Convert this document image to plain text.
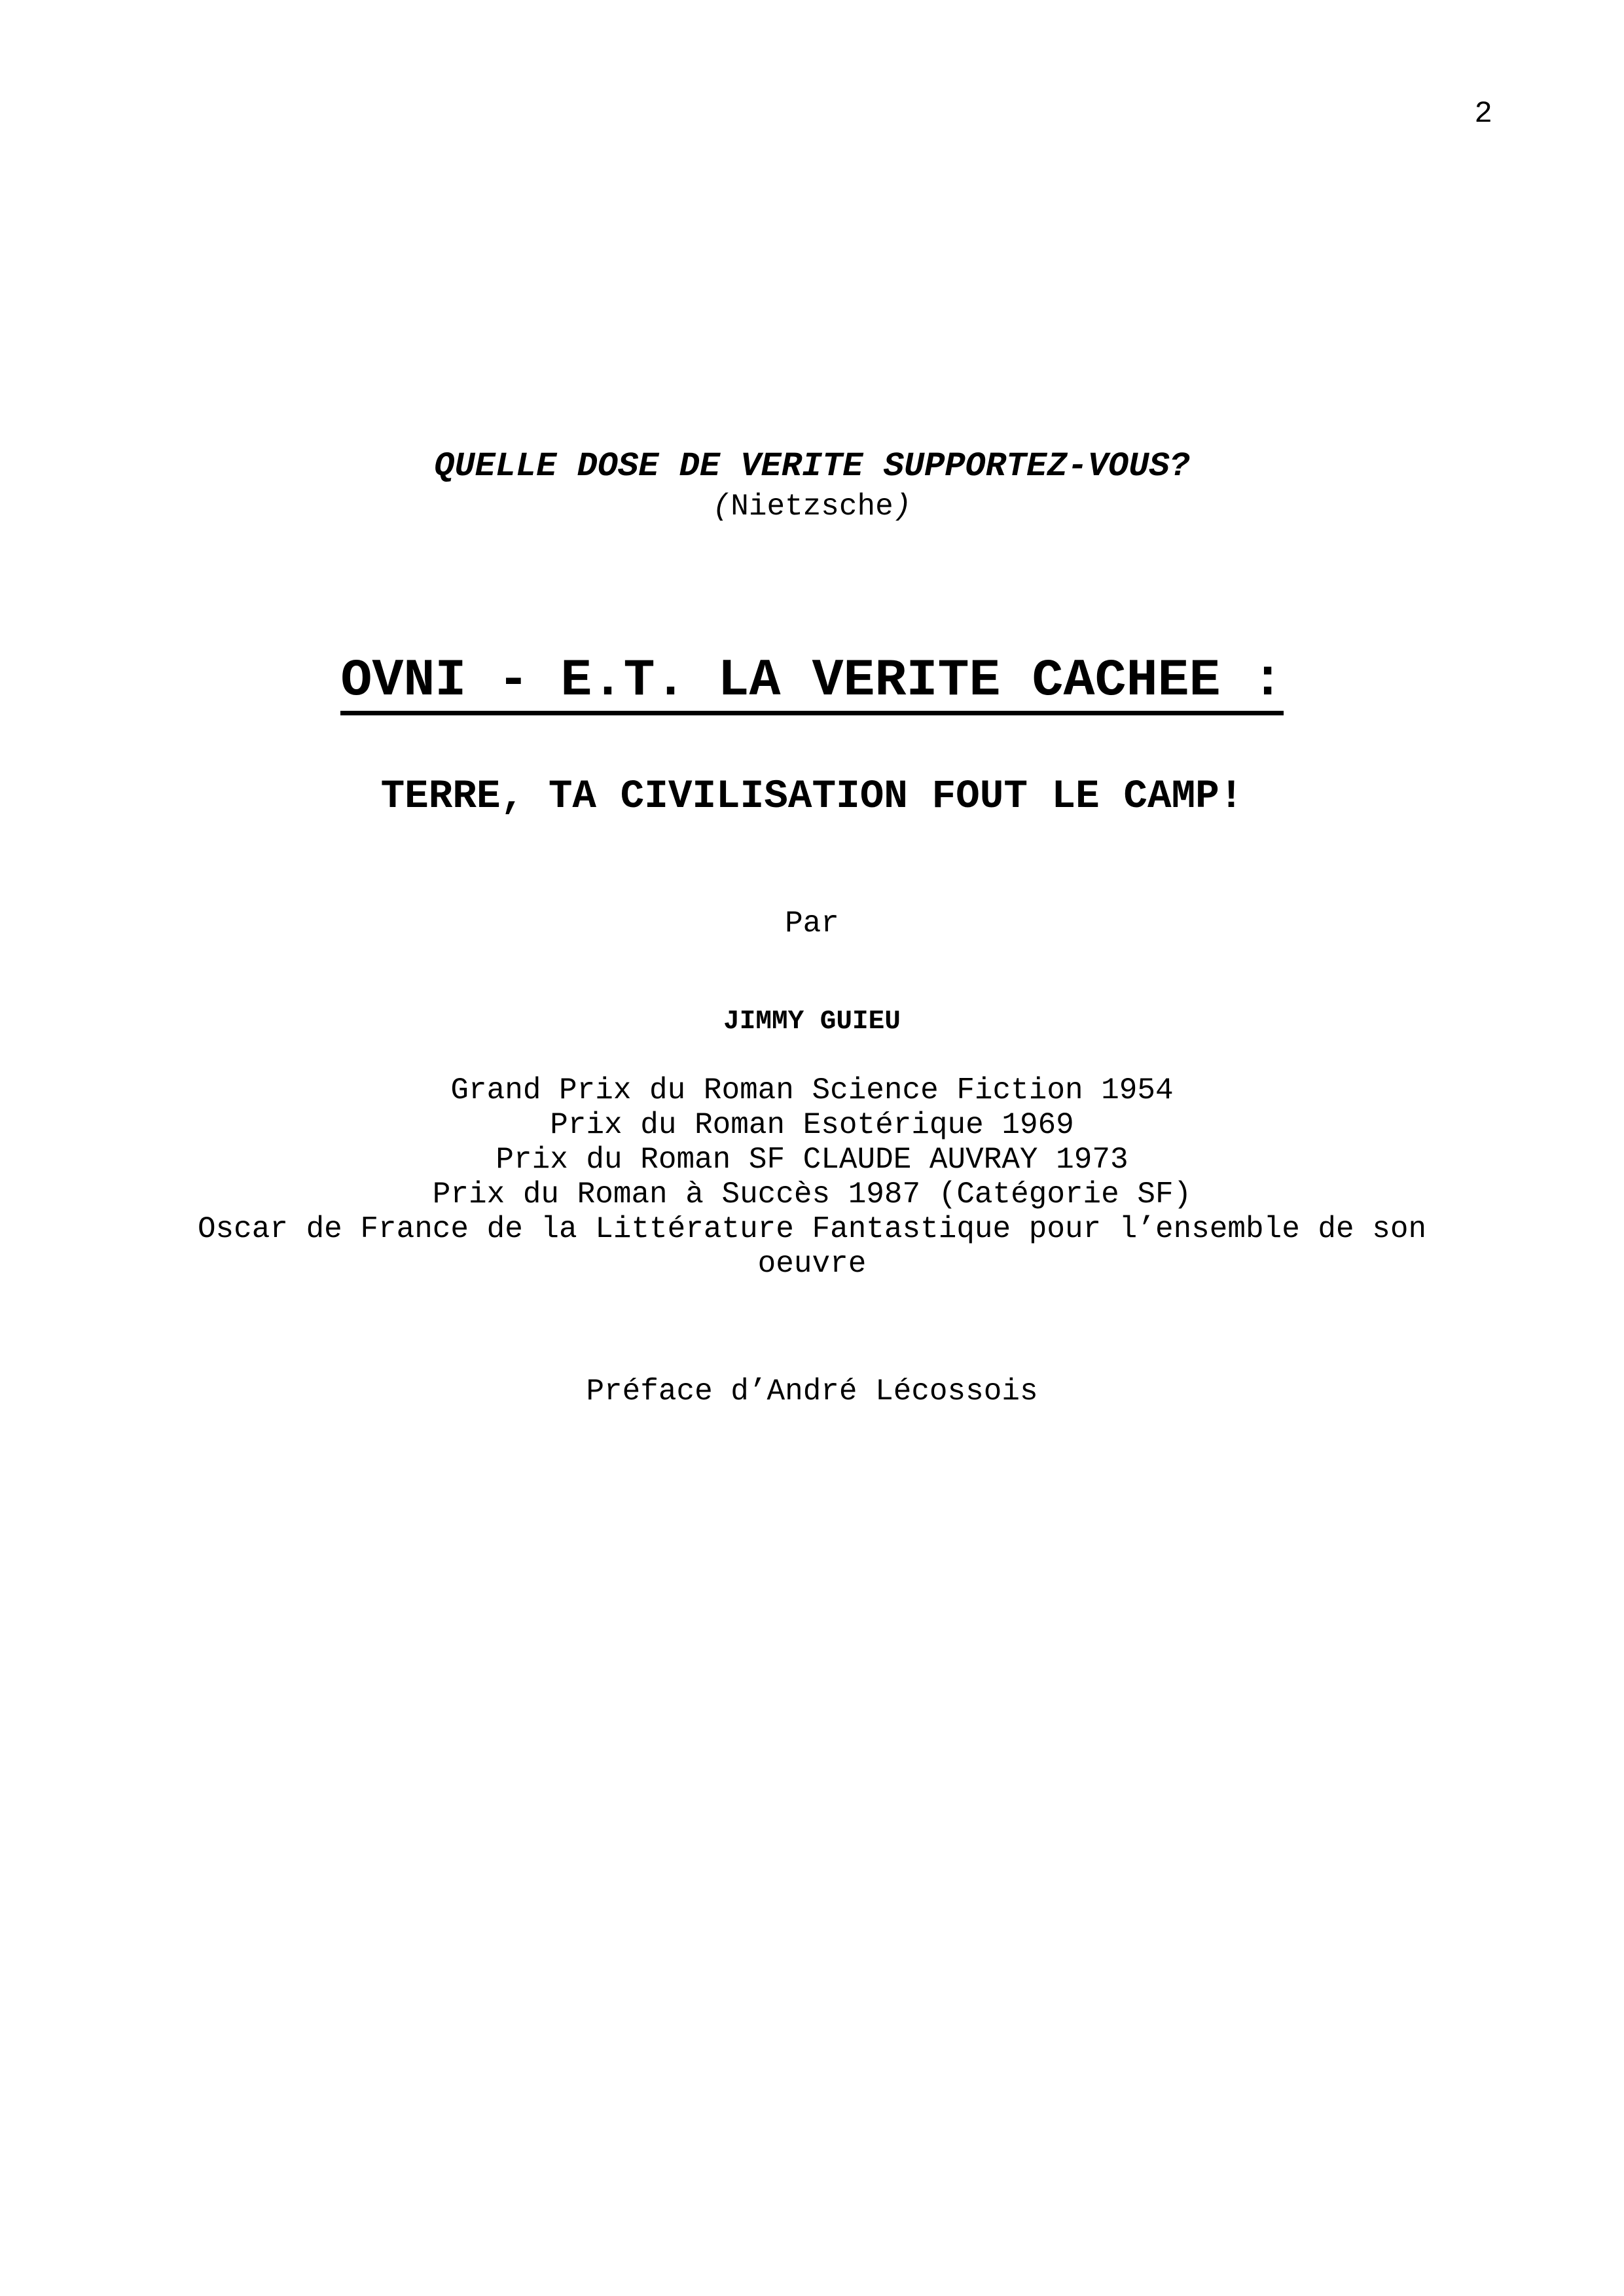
2
QUELLE DOSE DE VERITE SUPPORTEZ-VOUS?
(Nietzsche)
OVNI - E.T. LA VERITE CACHEE :
TERRE, TA CIVILISATION FOUT LE CAMP!
Par
JIMMY GUIEU
Grand Prix du Roman Science Fiction 1954
Prix du Roman Esotérique 1969
Prix du Roman SF CLAUDE AUVRAY 1973
Prix du Roman à Succès 1987 (Catégorie SF)
Oscar de France de la Littérature Fantastique pour l’ensemble de son
oeuvre
Préface d’André Lécossois
